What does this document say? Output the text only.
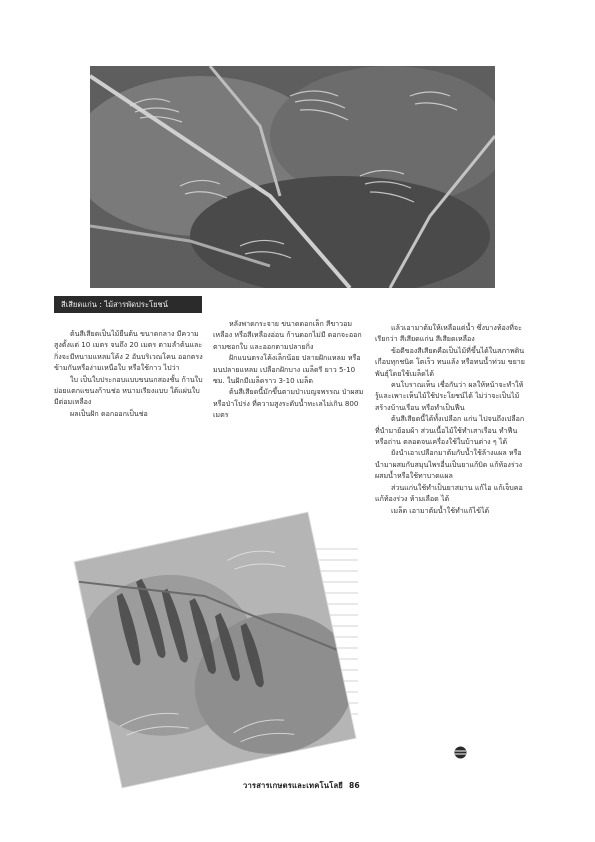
สีเสียดแก่น : ไม้สารพัดประโยชน์

ต้นสีเสียดเป็นไม้ยืนต้น ขนาดกลาง มีความสูงตั้งแต่ 10 เมตร จนถึง 20 เมตร ตามลำต้นและกิ่งจะมีหนามแหลมโค้ง 2 อันบริเวณโคน ออกตรงข้ามกันหรือง่ามเหนือใบ หรือใช้กาว ไปว่า

ใบ เป็นใบประกอบแบบขนนกสองชั้น ก้านใบย่อยแตกแขนงก้านช่อ หนามเรียงแบบ ใต้แผ่นใบมีต่อมเหลือง

ผลเป็นฝัก ดอกออกเป็นช่อ

หลังพาดกระจาย ขนาดดอกเล็ก สีขาวอมเหลือง หรือสีเหลืองอ่อน ก้านดอกไม่มี ดอกจะออกตามซอกใบ และออกตามปลายกิ่ง

ฝักแบนตรงโค้งเล็กน้อย ปลายฝักแหลม หรือมนปลายแหลม เปลือกฝักบาง เมล็ดรี ยาว 5-10 ซม. ในฝักมีเมล็ดราว 3-10 เมล็ด

ต้นสีเสียดนี้มักขึ้นตามป่าเบญจพรรณ ป่าผสม หรือป่าโปร่ง ที่ความสูงระดับน้ำทะเลไม่เกิน 800 เมตร

แล้วเอามาต้มให้เหลือแต่น้ำ ซึ่งบางท้องที่จะเรียกว่า สีเสียดแก่น สีเสียดเหลือง

ข้อดีของสีเสียดคือเป็นไม้ที่ขึ้นได้ในสภาพดินเกือบทุกชนิด โตเร็ว ทนแล้ง หรือทนน้ำท่วม ขยายพันธุ์โดยใช้เมล็ดได้

คนโบราณเห็น เชื่อกันว่า ผลให้หน้าจะทำให้รู้และเพาะเห็นไม้ใช้ประโยชน์ได้ ไม่ว่าจะเป็นไม้สร้างบ้านเรือน หรือทำเป็นฟืน

ต้นสีเสียดนี้ได้ทั้งเปลือก แก่น ไปจนถึงเปลือกที่นำมาย้อมผ้า ส่วนเนื้อไม้ใช้ทำเสาเรือน ทำฟืนหรือถ่าน ตลอดจนเครื่องใช้ในบ้านต่าง ๆ ได้

ยังนำเอาเปลือกมาต้มกับน้ำใช้ล้างแผล หรือนำมาผสมกับสมุนไพรอื่นเป็นยาแก้บิด แก้ท้องร่วง ผสมน้ำหรือใช้ทาบาดแผล

ส่วนแก่นใช้ทำเป็นยาสมาน แก้ไอ แก้เจ็บคอ แก้ท้องร่วง ห้ามเลือด ได้

เมล็ด เอามาต้มน้ำใช้ทำแก้ไข้ได้

วารสารเกษตรและเทคโนโลยี 86
